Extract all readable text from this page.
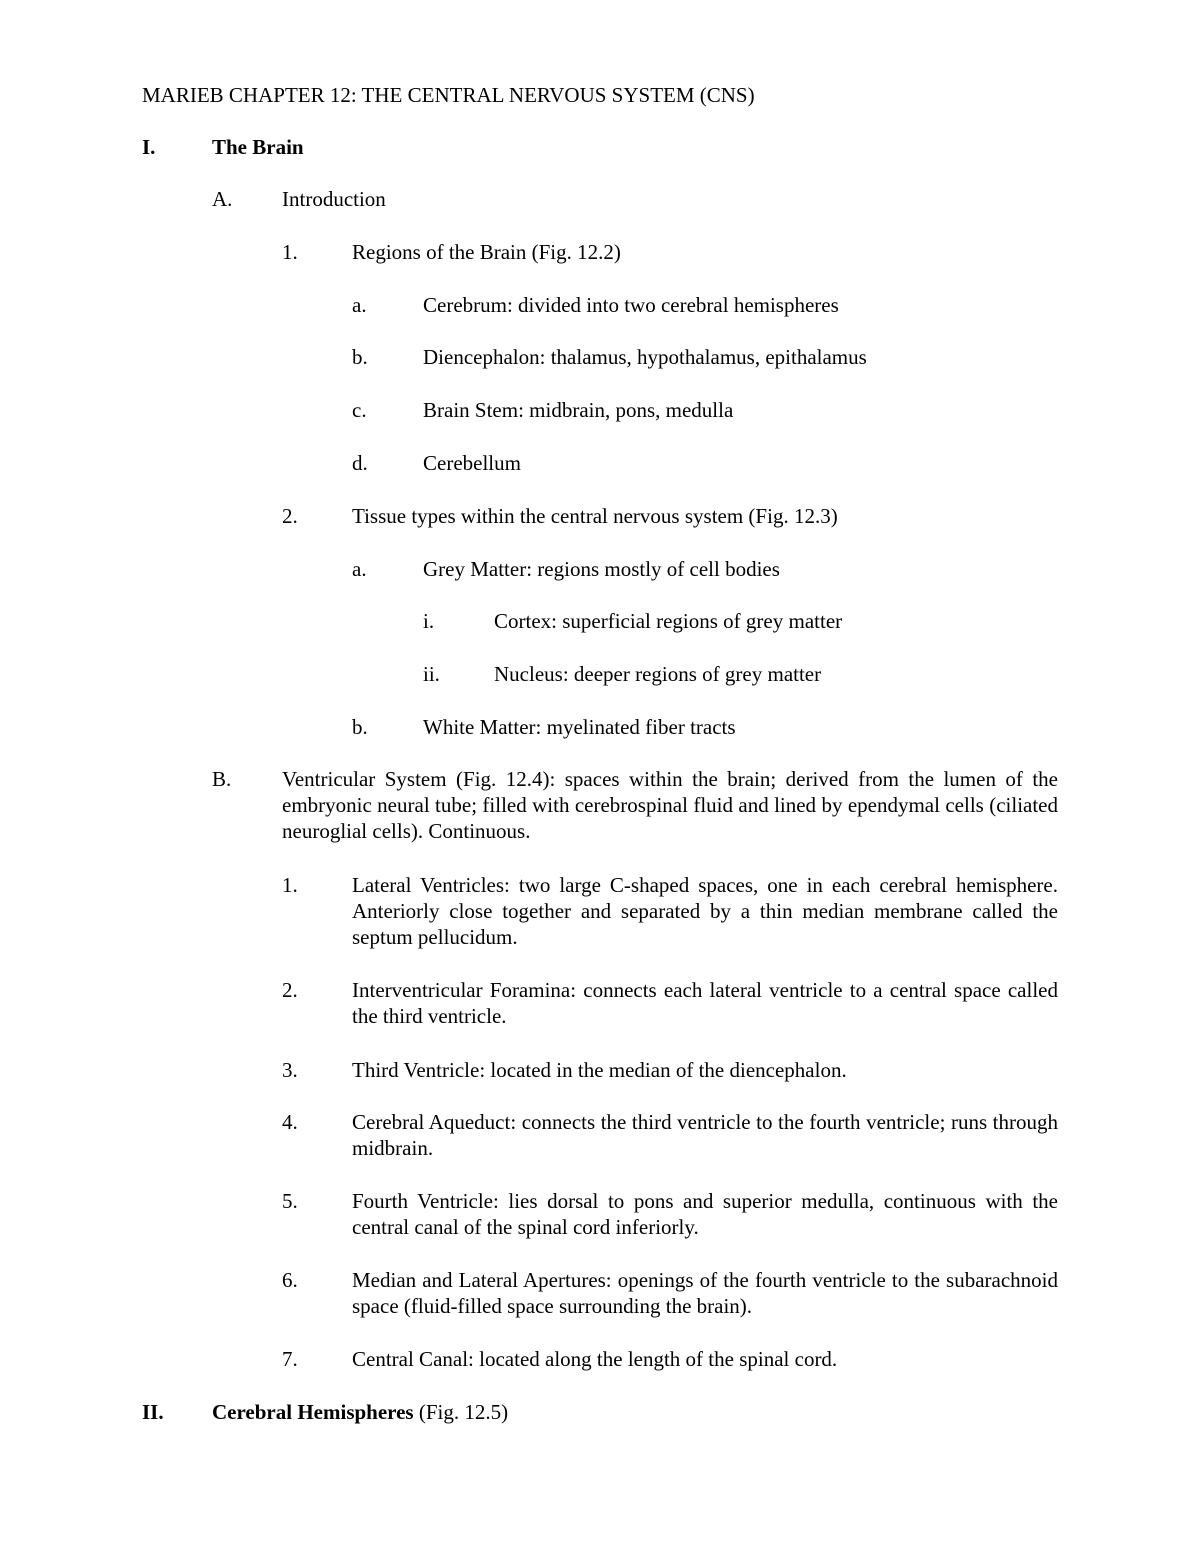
MARIEB CHAPTER 12: THE CENTRAL NERVOUS SYSTEM (CNS)
I.	The Brain
A. Introduction
1.	Regions of the Brain (Fig. 12.2)
a.	Cerebrum: divided into two cerebral hemispheres
b.	Diencephalon: thalamus, hypothalamus, epithalamus
c.	Brain Stem: midbrain, pons, medulla
d.	Cerebellum
2.	Tissue types within the central nervous system (Fig. 12.3)
a.	Grey Matter: regions mostly of cell bodies
i.	Cortex: superficial regions of grey matter
ii.	Nucleus: deeper regions of grey matter
b.	White Matter: myelinated fiber tracts
B. Ventricular System (Fig. 12.4): spaces within the brain; derived from the lumen of the embryonic neural tube; filled with cerebrospinal fluid and lined by ependymal cells (ciliated neuroglial cells). Continuous.
1.	Lateral Ventricles: two large C-shaped spaces, one in each cerebral hemisphere. Anteriorly close together and separated by a thin median membrane called the septum pellucidum.
2.	Interventricular Foramina: connects each lateral ventricle to a central space called the third ventricle.
3.	Third Ventricle: located in the median of the diencephalon.
4.	Cerebral Aqueduct: connects the third ventricle to the fourth ventricle; runs through midbrain.
5.	Fourth Ventricle: lies dorsal to pons and superior medulla, continuous with the central canal of the spinal cord inferiorly.
6.	Median and Lateral Apertures: openings of the fourth ventricle to the subarachnoid space (fluid-filled space surrounding the brain).
7.	Central Canal: located along the length of the spinal cord.
II. Cerebral Hemispheres (Fig. 12.5)
